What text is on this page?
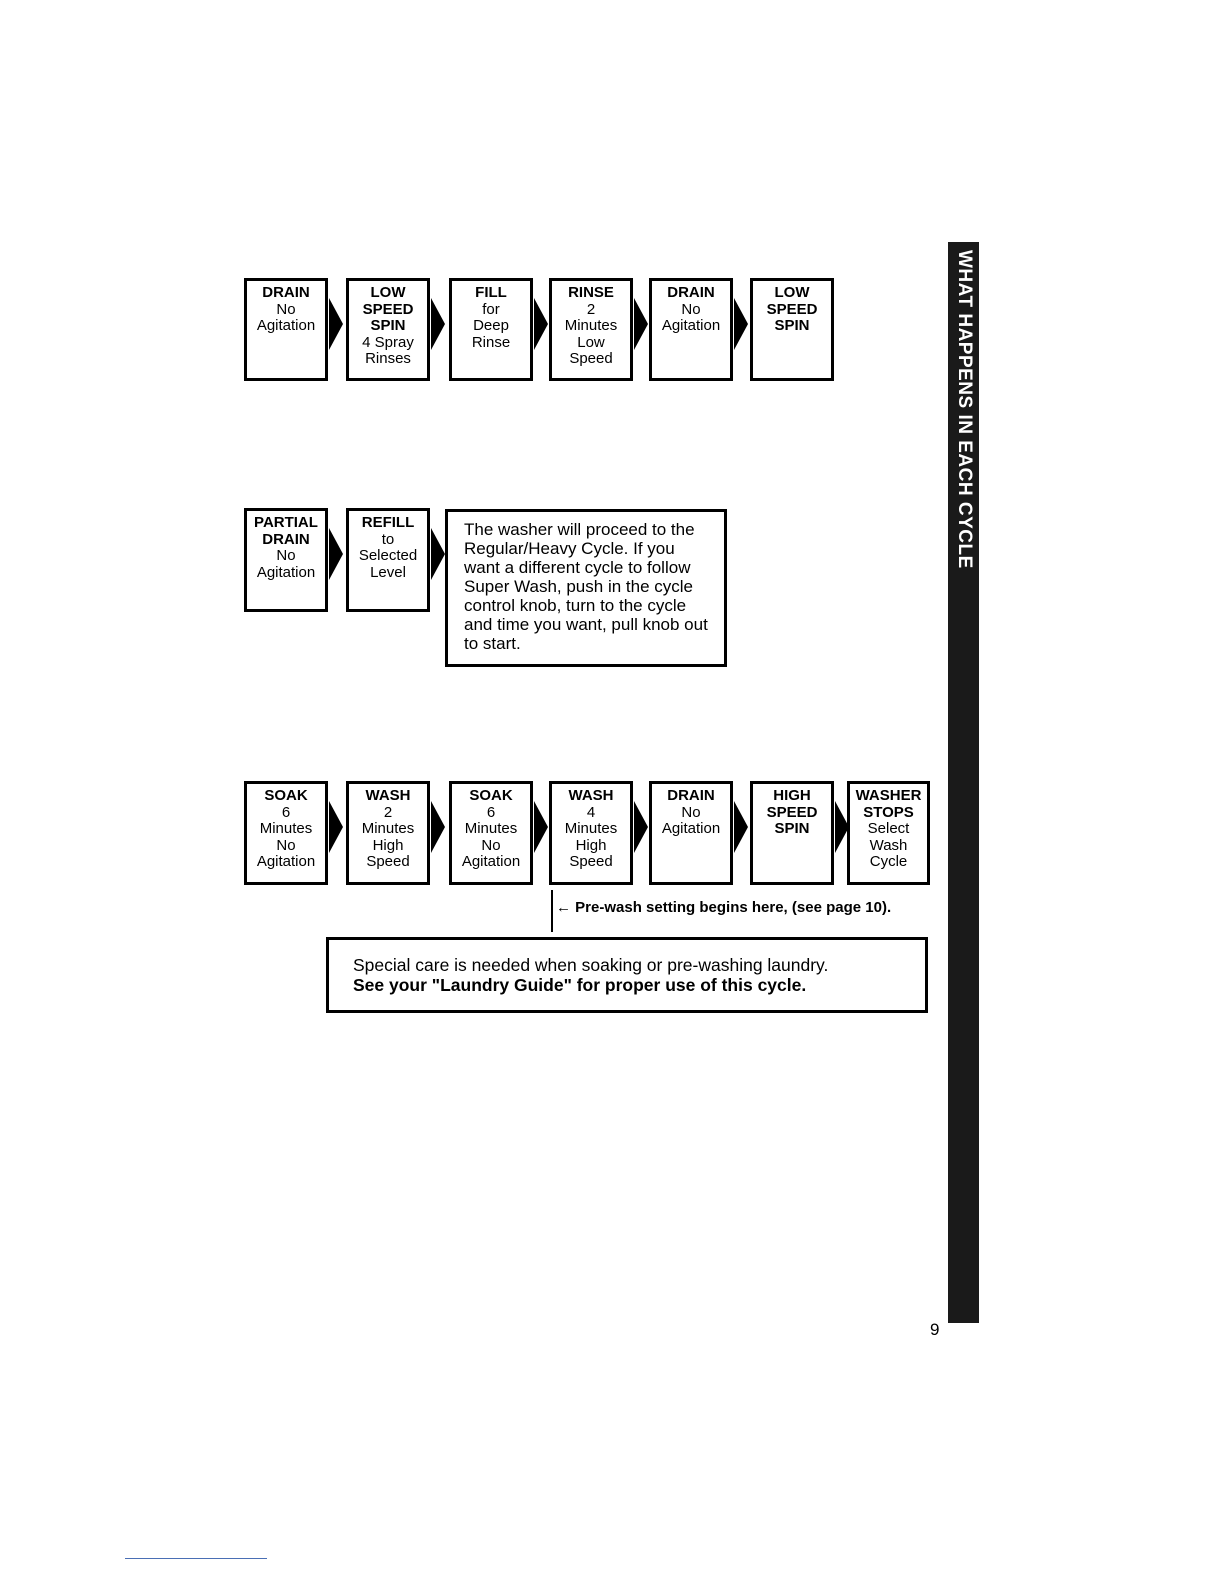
WHAT HAPPENS IN EACH CYCLE
DRAIN
No
Agitation
LOW
SPEED
SPIN
4 Spray
Rinses
FILL
for
Deep
Rinse
RINSE
2
Minutes
Low
Speed
DRAIN
No
Agitation
LOW
SPEED
SPIN
PARTIAL
DRAIN
No
Agitation
REFILL
to
Selected
Level
The washer will proceed to the Regular/Heavy Cycle. If you want a different cycle to follow Super Wash, push in the cycle control knob, turn to the cycle and time you want, pull knob out to start.
SOAK
6
Minutes
No
Agitation
WASH
2
Minutes
High
Speed
SOAK
6
Minutes
No
Agitation
WASH
4
Minutes
High
Speed
DRAIN
No
Agitation
HIGH
SPEED
SPIN
WASHER
STOPS
Select
Wash
Cycle
← Pre-wash setting begins here, (see page 10).
Special care is needed when soaking or pre-washing laundry.
See your "Laundry Guide" for proper use of this cycle.
9
